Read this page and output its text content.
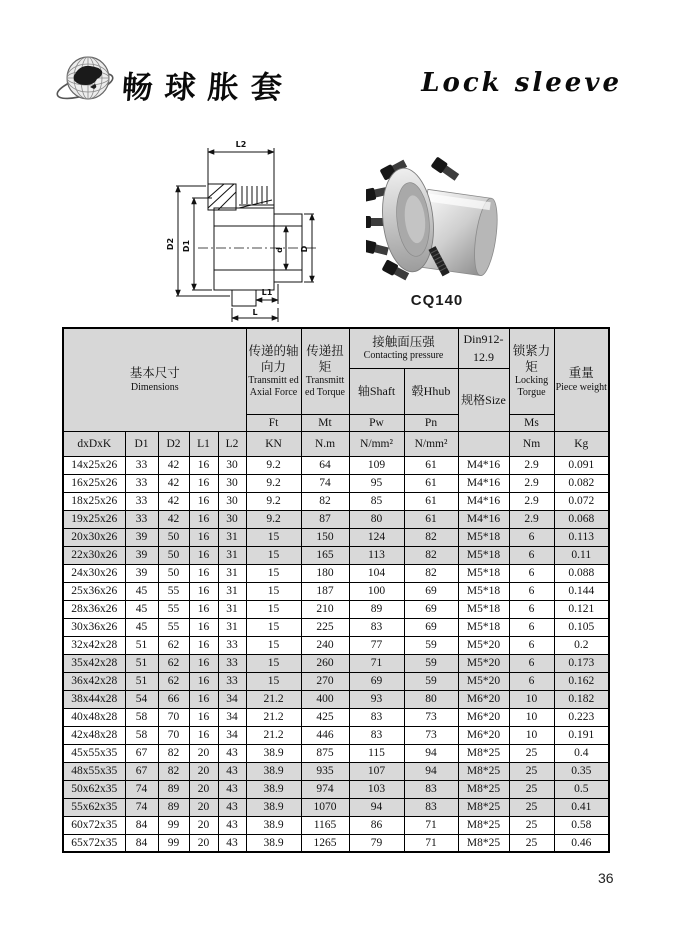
畅球胀套	Lock sleeve
L2
D2 D1	d D
L1
L
CQ140
基本尺寸
Dimensions					传递的轴向力
Transmitt ed Axial Force	传递扭矩
Transmitt ed Torque	接触面压强
Contacting pressure		Din912- 12.9	锁紧力矩
Locking Torgue	重量
Piece weight

							轴Shaft	毂Hhub	规格Size		
					Ft	Mt	Pw	Pn		Ms	
dxDxK	D1	D2	L1	L2	KN	N.m	N/mm²	N/mm²		Nm	Kg
14x25x26	33	42	16	30	9.2	64	109	61	M4*16	2.9	0.091
16x25x26	33	42	16	30	9.2	74	95	61	M4*16	2.9	0.082
18x25x26	33	42	16	30	9.2	82	85	61	M4*16	2.9	0.072
19x25x26	33	42	16	30	9.2	87	80	61	M4*16	2.9	0.068
20x30x26	39	50	16	31	15	150	124	82	M5*18	6	0.113
22x30x26	39	50	16	31	15	165	113	82	M5*18	6	0.11
24x30x26	39	50	16	31	15	180	104	82	M5*18	6	0.088
25x36x26	45	55	16	31	15	187	100	69	M5*18	6	0.144
28x36x26	45	55	16	31	15	210	89	69	M5*18	6	0.121
30x36x26	45	55	16	31	15	225	83	69	M5*18	6	0.105
32x42x28	51	62	16	33	15	240	77	59	M5*20	6	0.2
35x42x28	51	62	16	33	15	260	71	59	M5*20	6	0.173
36x42x28	51	62	16	33	15	270	69	59	M5*20	6	0.162
38x44x28	54	66	16	34	21.2	400	93	80	M6*20	10	0.182
40x48x28	58	70	16	34	21.2	425	83	73	M6*20	10	0.223
42x48x28	58	70	16	34	21.2	446	83	73	M6*20	10	0.191
45x55x35	67	82	20	43	38.9	875	115	94	M8*25	25	0.4
48x55x35	67	82	20	43	38.9	935	107	94	M8*25	25	0.35
50x62x35	74	89	20	43	38.9	974	103	83	M8*25	25	0.5
55x62x35	74	89	20	43	38.9	1070	94	83	M8*25	25	0.41
60x72x35	84	99	20	43	38.9	1165	86	71	M8*25	25	0.58
65x72x35	84	99	20	43	38.9	1265	79	71	M8*25	25	0.46
36
